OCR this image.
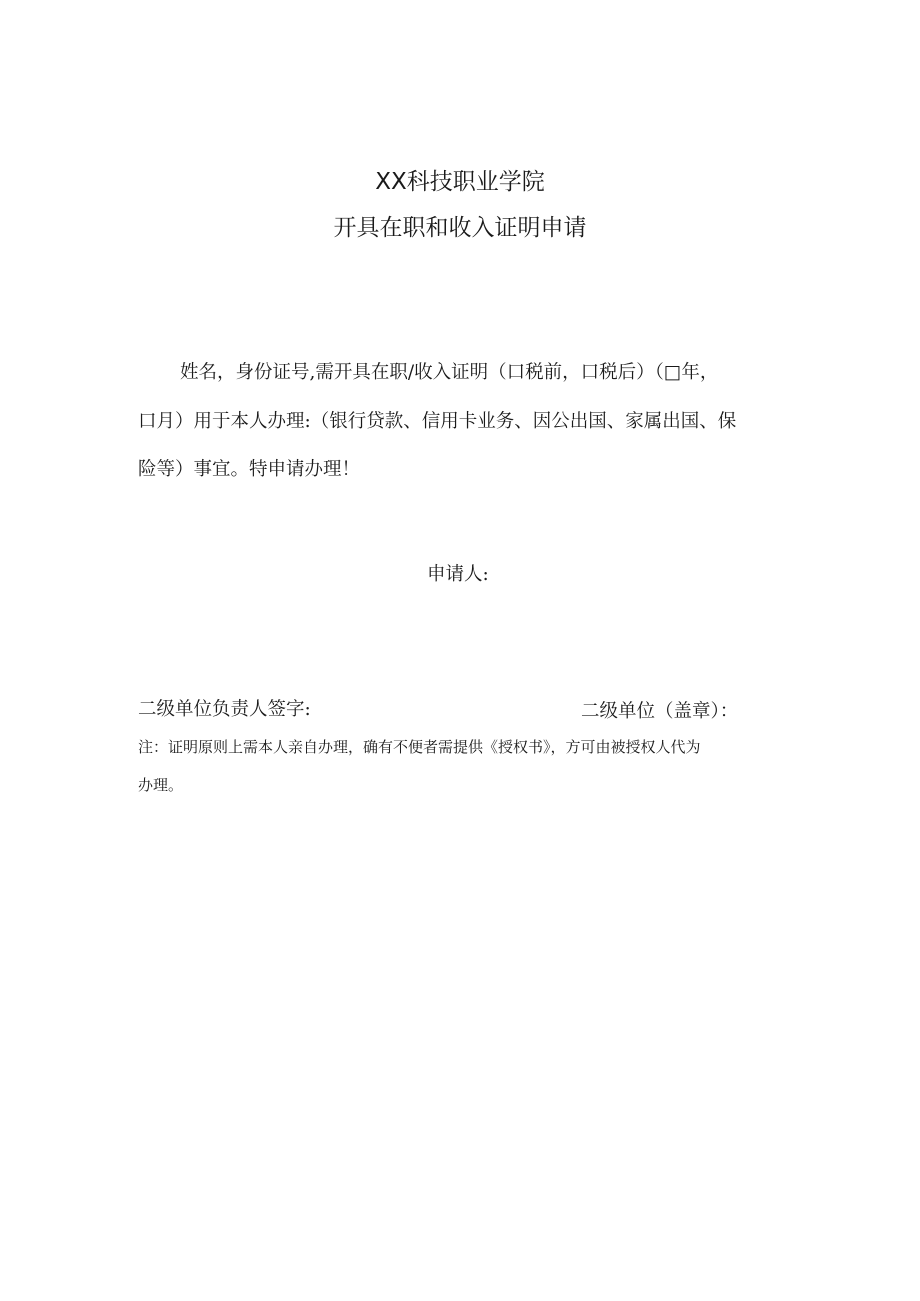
XX科技职业学院
开具在职和收入证明申请
姓名，身份证号,需开具在职/收入证明（口税前，口税后）（□年，
口月）用于本人办理:（银行贷款、信用卡业务、因公出国、家属出国、保
险等）事宜。特申请办理！
申请人:
二级单位负责人签字:	二级单位（盖章）：
注：证明原则上需本人亲自办理，确有不便者需提供《授权书》，方可由被授权人代为
办理。
